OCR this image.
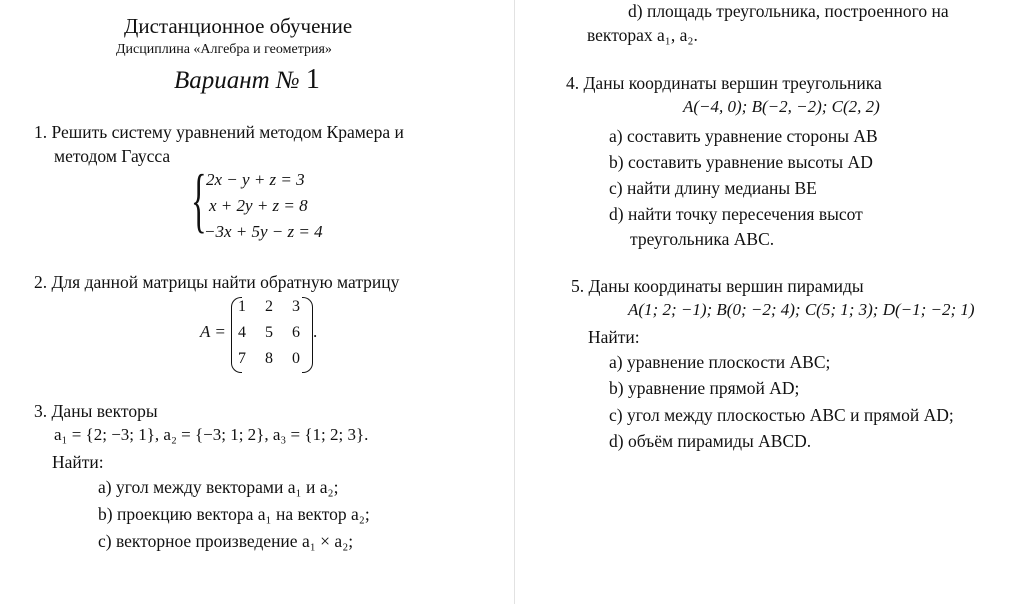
Дистанционное обучение
Дисциплина «Алгебра и геометрия»
Вариант № 1
1. Решить систему уравнений методом Крамера и
методом Гаусса
{ 2x − y + z = 3
x + 2y + z = 8
−3x + 5y − z = 4
2. Для данной матрицы найти обратную матрицу
A =
1	2	3
4	5	6
7	8	0
.
3. Даны векторы
a₁ = {2; −3; 1}, a₂ = {−3; 1; 2}, a₃ = {1; 2; 3}.
Найти:
a) угол между векторами a₁ и a₂;
b) проекцию вектора a₁ на вектор a₂;
c) векторное произведение a₁ × a₂;
d) площадь треугольника, построенного на
векторах a₁, a₂.
4. Даны координаты вершин треугольника
A(−4, 0); B(−2, −2); C(2, 2)
a) составить уравнение стороны AB
b) составить уравнение высоты AD
c) найти длину медианы BE
d) найти точку пересечения высот
треугольника ABC.
5. Даны координаты вершин пирамиды
A(1; 2; −1); B(0; −2; 4); C(5; 1; 3); D(−1; −2; 1)
Найти:
a) уравнение плоскости ABC;
b) уравнение прямой AD;
c) угол между плоскостью ABC и прямой AD;
d) объём пирамиды ABCD.
